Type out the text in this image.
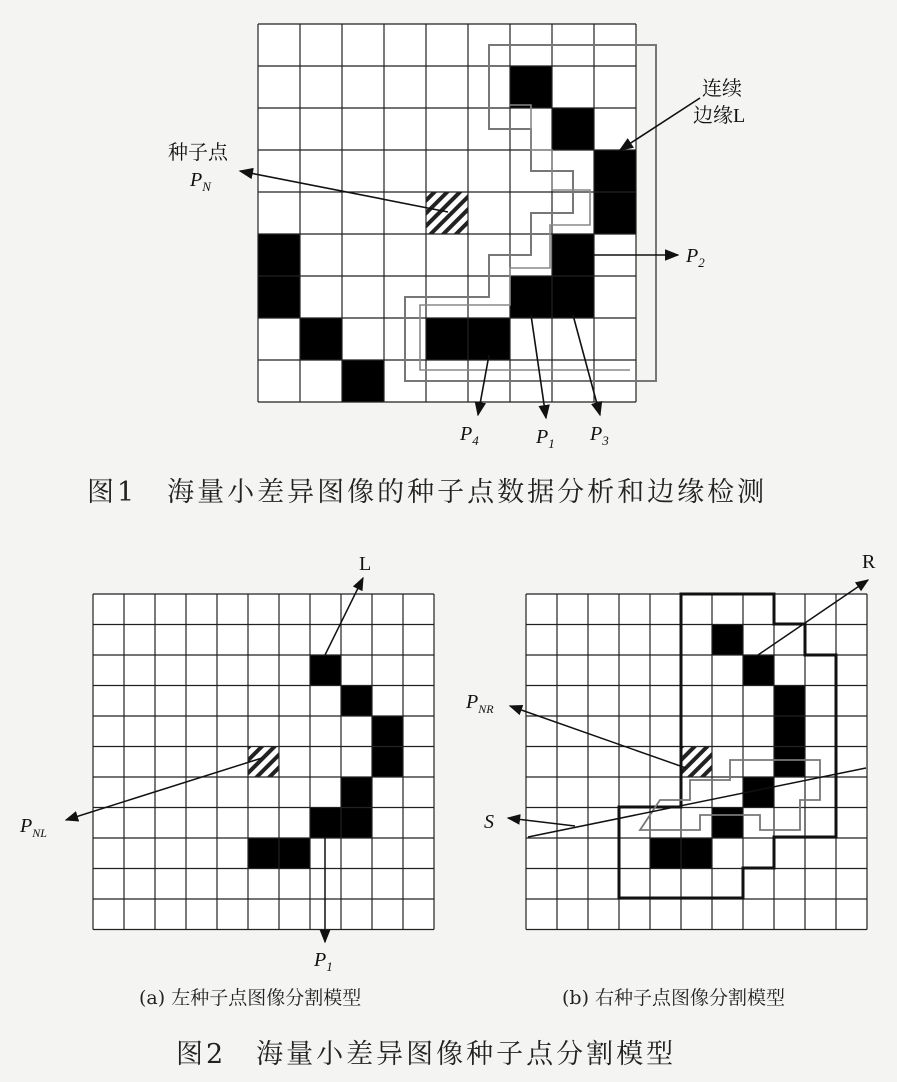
种子点
$P_N$
连续
边缘L
$P_2$
$P_4$	$P_1$ $P_3$
L
$P_{NL}$
$P_1$
R
$P_{NR}$
S
图1　海量小差异图像的种子点数据分析和边缘检测
(a) 左种子点图像分割模型	(b) 右种子点图像分割模型
图2　海量小差异图像种子点分割模型
